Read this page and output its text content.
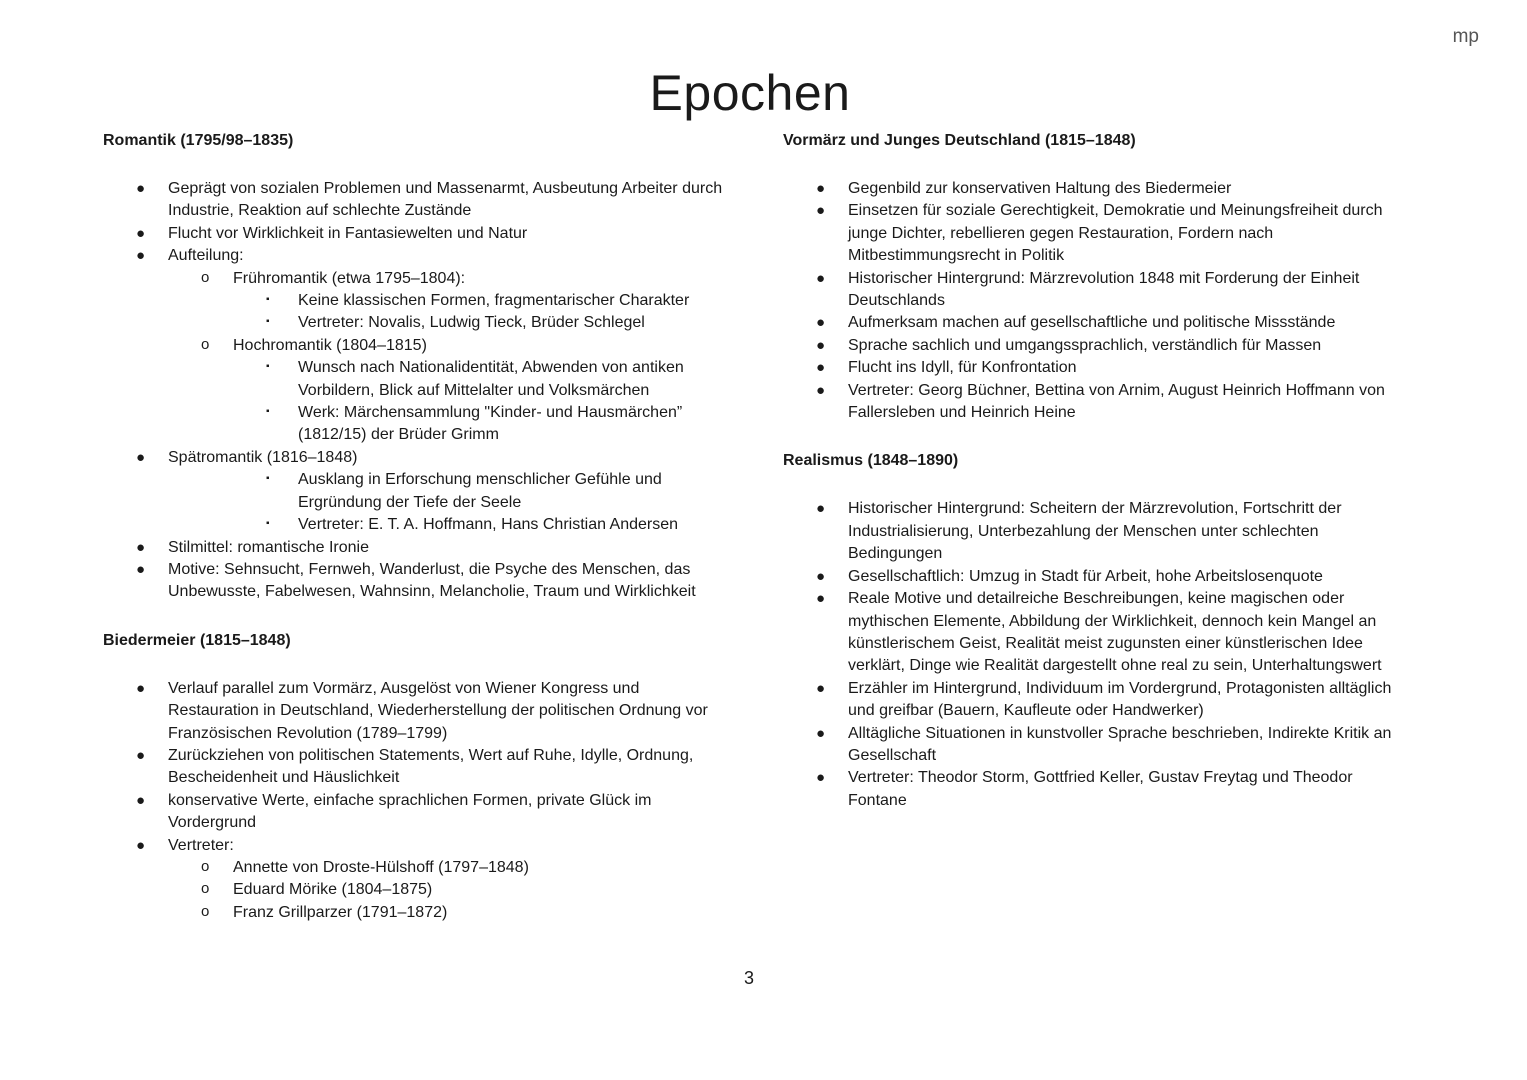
mp
Epochen
Romantik (1795/98–1835)
● Geprägt von sozialen Problemen und Massenarmt, Ausbeutung Arbeiter durch Industrie, Reaktion auf schlechte Zustände
● Flucht vor Wirklichkeit in Fantasiewelten und Natur
● Aufteilung:
o Frühromantik (etwa 1795–1804):
▪ Keine klassischen Formen, fragmentarischer Charakter
▪ Vertreter: Novalis, Ludwig Tieck, Brüder Schlegel
o Hochromantik (1804–1815)
▪ Wunsch nach Nationalidentität, Abwenden von antiken Vorbildern, Blick auf Mittelalter und Volksmärchen
▪ Werk: Märchensammlung "Kinder- und Hausmärchen” (1812/15) der Brüder Grimm
● Spätromantik (1816–1848)
▪ Ausklang in Erforschung menschlicher Gefühle und Ergründung der Tiefe der Seele
▪ Vertreter: E. T. A. Hoffmann, Hans Christian Andersen
● Stilmittel: romantische Ironie
● Motive: Sehnsucht, Fernweh, Wanderlust, die Psyche des Menschen, das Unbewusste, Fabelwesen, Wahnsinn, Melancholie, Traum und Wirklichkeit
Biedermeier (1815–1848)
● Verlauf parallel zum Vormärz, Ausgelöst von Wiener Kongress und Restauration in Deutschland, Wiederherstellung der politischen Ordnung vor Französischen Revolution (1789–1799)
● Zurückziehen von politischen Statements, Wert auf Ruhe, Idylle, Ordnung, Bescheidenheit und Häuslichkeit
● konservative Werte, einfache sprachlichen Formen, private Glück im Vordergrund
● Vertreter:
o Annette von Droste-Hülshoff (1797–1848)
o Eduard Mörike (1804–1875)
o Franz Grillparzer (1791–1872)
Vormärz und Junges Deutschland (1815–1848)
● Gegenbild zur konservativen Haltung des Biedermeier
● Einsetzen für soziale Gerechtigkeit, Demokratie und Meinungsfreiheit durch junge Dichter, rebellieren gegen Restauration, Fordern nach Mitbestimmungsrecht in Politik
● Historischer Hintergrund: Märzrevolution 1848 mit Forderung der Einheit Deutschlands
● Aufmerksam machen auf gesellschaftliche und politische Missstände
● Sprache sachlich und umgangssprachlich, verständlich für Massen
● Flucht ins Idyll, für Konfrontation
● Vertreter: Georg Büchner, Bettina von Arnim, August Heinrich Hoffmann von Fallersleben und Heinrich Heine
Realismus (1848–1890)
● Historischer Hintergrund: Scheitern der Märzrevolution, Fortschritt der Industrialisierung, Unterbezahlung der Menschen unter schlechten Bedingungen
● Gesellschaftlich: Umzug in Stadt für Arbeit, hohe Arbeitslosenquote
● Reale Motive und detailreiche Beschreibungen, keine magischen oder mythischen Elemente, Abbildung der Wirklichkeit, dennoch kein Mangel an künstlerischem Geist, Realität meist zugunsten einer künstlerischen Idee verklärt, Dinge wie Realität dargestellt ohne real zu sein, Unterhaltungswert
● Erzähler im Hintergrund, Individuum im Vordergrund, Protagonisten alltäglich und greifbar (Bauern, Kaufleute oder Handwerker)
● Alltägliche Situationen in kunstvoller Sprache beschrieben, Indirekte Kritik an Gesellschaft
● Vertreter: Theodor Storm, Gottfried Keller, Gustav Freytag und Theodor Fontane
3
